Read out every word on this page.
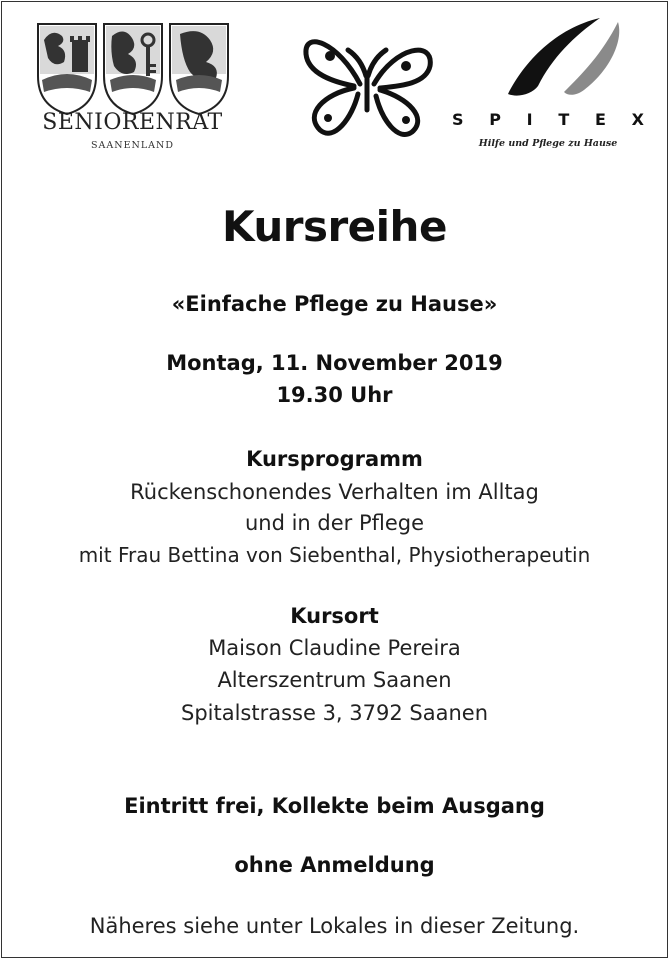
SENIORENRAT
SAANENLAND
S P I T E X
Hilfe und Pflege zu Hause
Kursreihe
«Einfache Pflege zu Hause»
Montag, 11. November 2019
19.30 Uhr
Kursprogramm
Rückenschonendes Verhalten im Alltag
und in der Pflege
mit Frau Bettina von Siebenthal, Physiotherapeutin
Kursort
Maison Claudine Pereira
Alterszentrum Saanen
Spitalstrasse 3, 3792 Saanen
Eintritt frei, Kollekte beim Ausgang
ohne Anmeldung
Näheres siehe unter Lokales in dieser Zeitung.
